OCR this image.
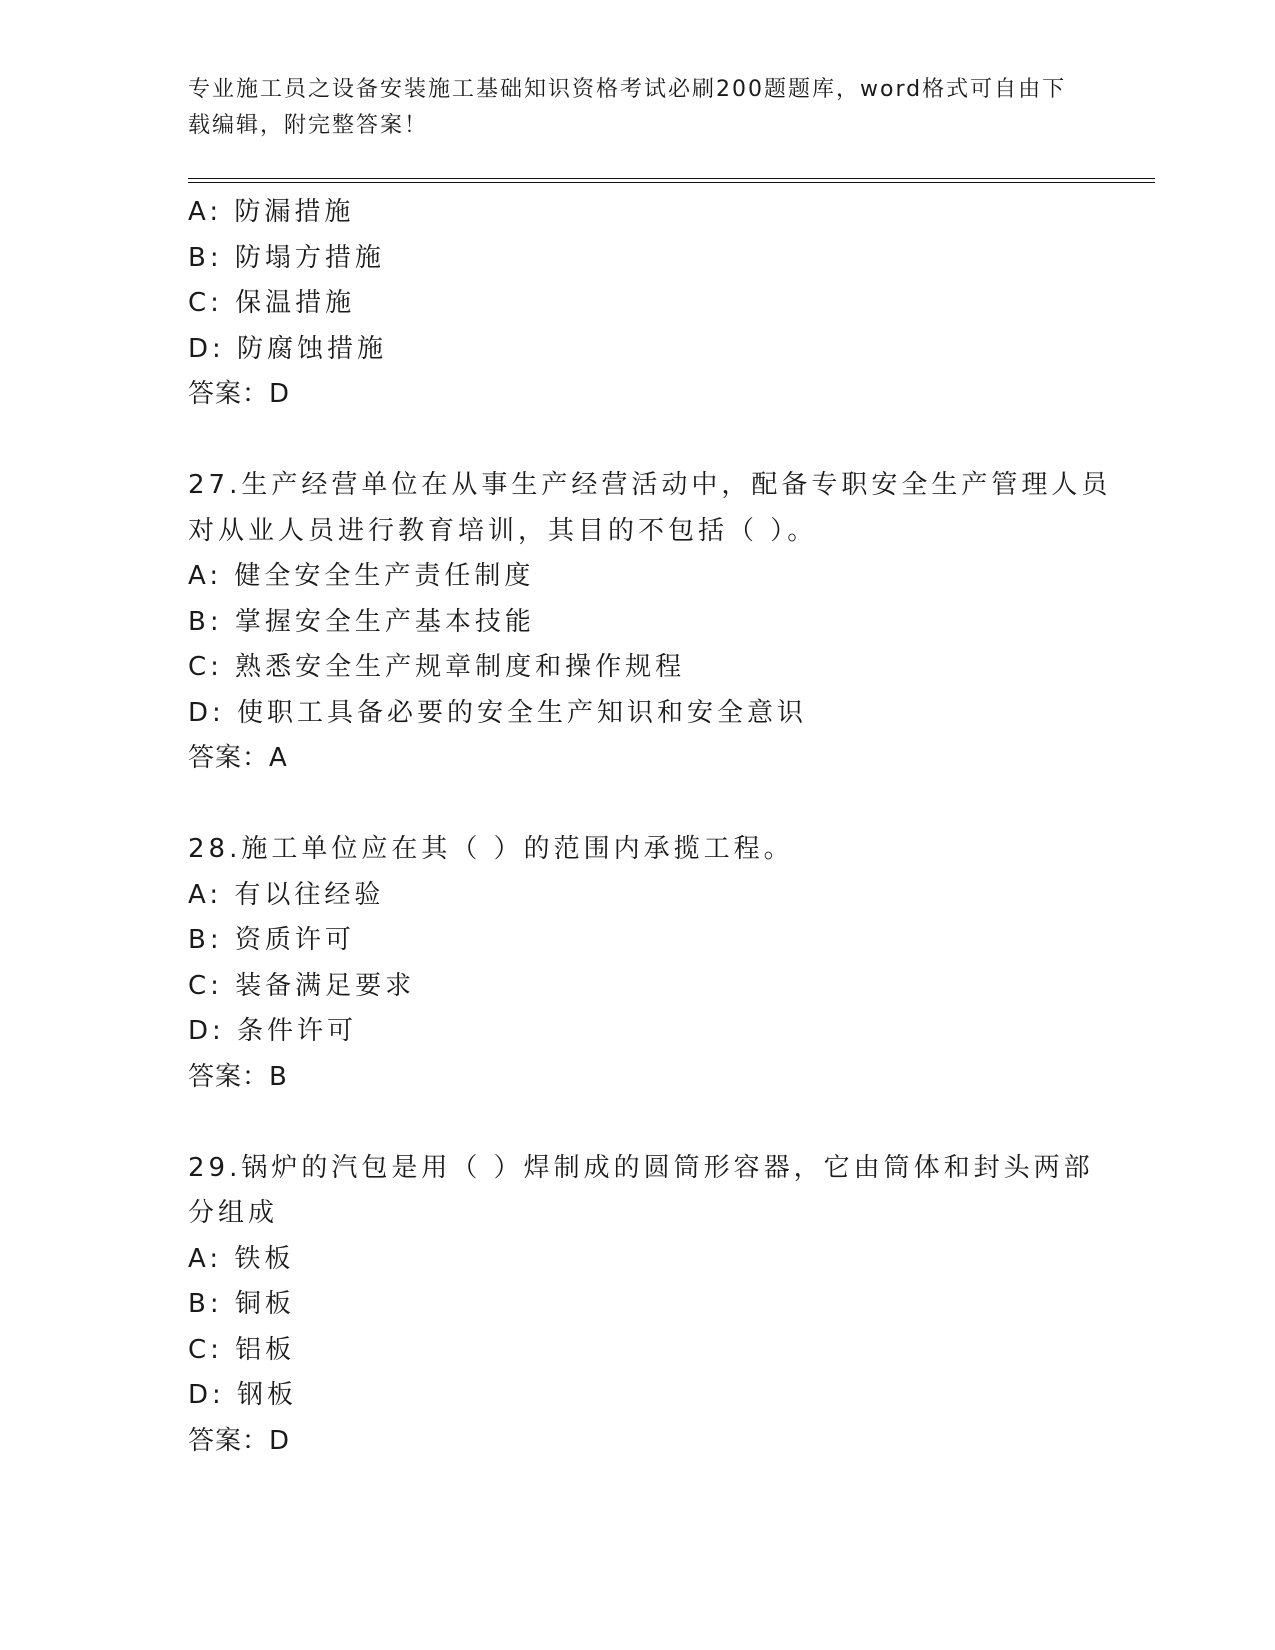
专业施工员之设备安装施工基础知识资格考试必刷200题题库，word格式可自由下载编辑，附完整答案！
A: 防漏措施
B: 防塌方措施
C: 保温措施
D: 防腐蚀措施
答案：D
27.生产经营单位在从事生产经营活动中，配备专职安全生产管理人员
对从业人员进行教育培训，其目的不包括（ ）。
A: 健全安全生产责任制度
B: 掌握安全生产基本技能
C: 熟悉安全生产规章制度和操作规程
D: 使职工具备必要的安全生产知识和安全意识
答案：A
28.施工单位应在其（ ）的范围内承揽工程。
A: 有以往经验
B: 资质许可
C: 装备满足要求
D: 条件许可
答案：B
29.锅炉的汽包是用（ ）焊制成的圆筒形容器，它由筒体和封头两部
分组成
A: 铁板
B: 铜板
C: 铝板
D: 钢板
答案：D
